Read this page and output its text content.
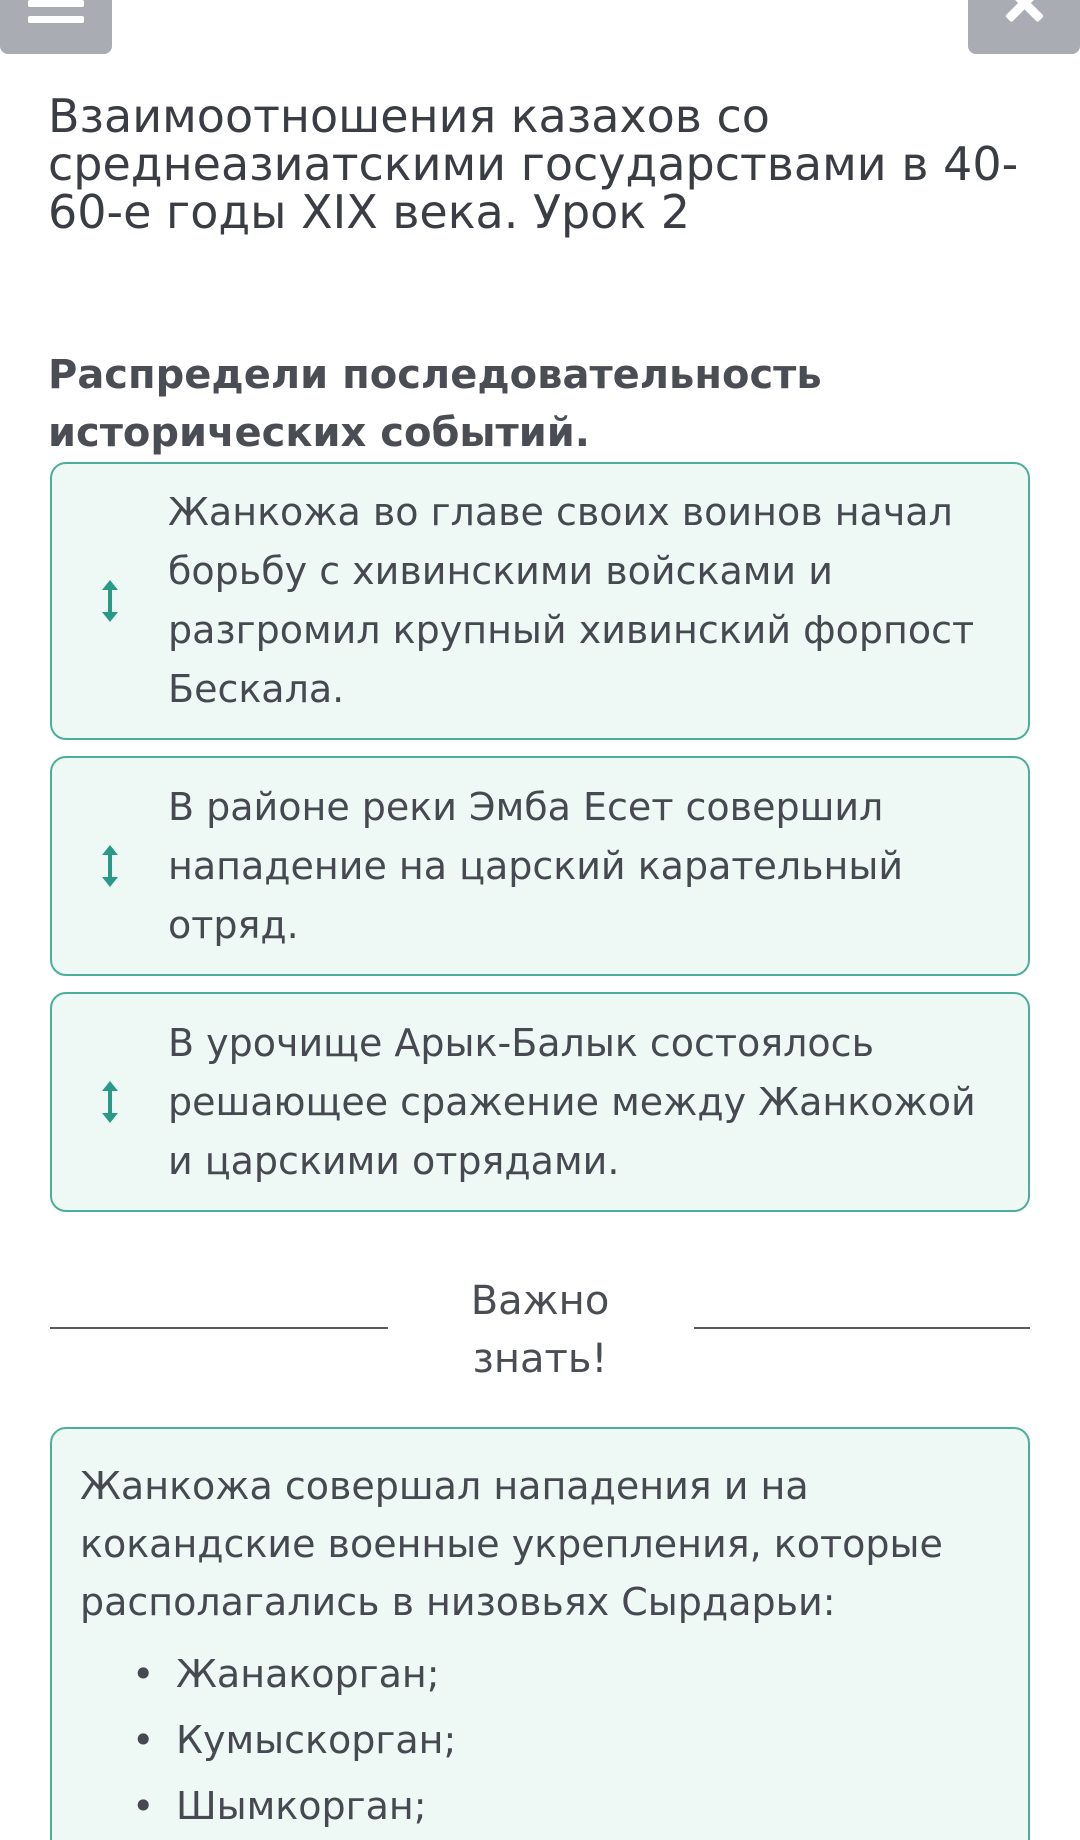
Взаимоотношения казахов со среднеазиатскими государствами в 40-60-е годы XIX века. Урок 2

Распредели последовательность исторических событий.

Жанкожа во главе своих воинов начал борьбу с хивинскими войсками и разгромил крупный хивинский форпост Бескала.
В районе реки Эмба Есет совершил нападение на царский карательный отряд.
В урочище Арык-Балык состоялось решающее сражение между Жанкожой и царскими отрядами.
Важно знать!

Жанкожа совершал нападения и на кокандские военные укрепления, которые располагались в низовьях Сырдарьи:

• Жанакорган;
• Кумыскорган;
• Шымкорган;
